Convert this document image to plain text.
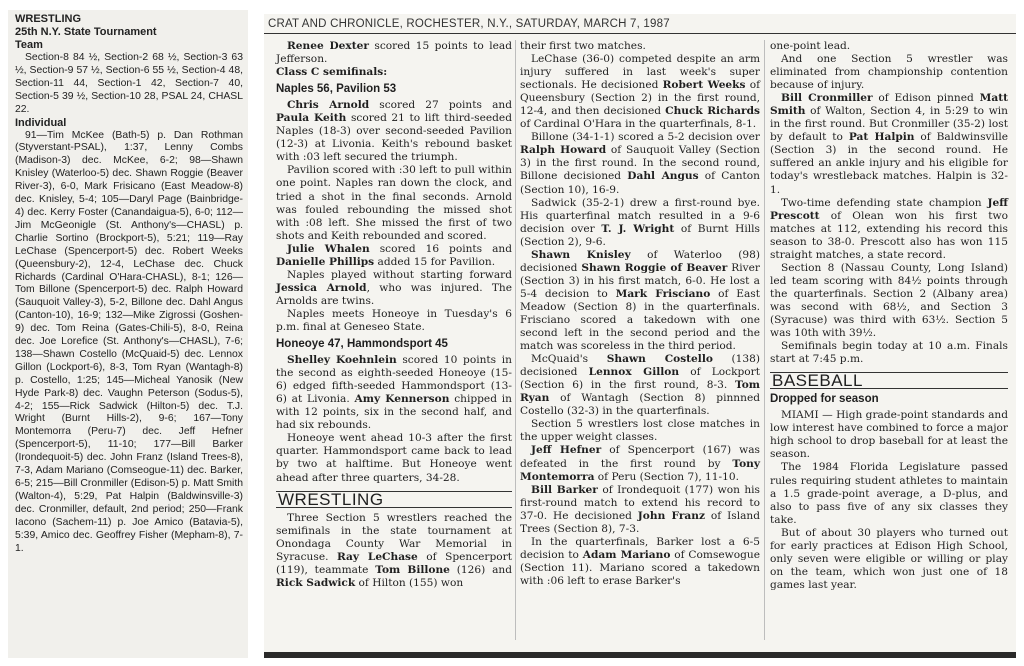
WRESTLING
25th N.Y. State Tournament
Team

Section-8 84 ½, Section-2 68 ½, Section-3 63 ½, Section-9 57 ½, Section-6 55 ½, Section-4 48, Section-11 44, Section-1 42, Section-7 40, Section-5 39 ½, Section-10 28, PSAL 24, CHASL 22.

Individual

91—Tim McKee (Bath-5) p. Dan Rothman (Styverstant-PSAL), 1:37, Lenny Combs (Madison-3) dec. McKee, 6-2; 98—Shawn Knisley (Waterloo-5) dec. Shawn Roggie (Beaver River-3), 6-0, Mark Frisicano (East Meadow-8) dec. Knisley, 5-4; 105—Daryl Page (Bainbridge-4) dec. Kerry Foster (Canandaigua-5), 6-0; 112—Jim McGeonigle (St. Anthony's—CHASL) p. Charlie Sortino (Brockport-5), 5:21; 119—Ray LeChase (Spencerport-5) dec. Robert Weeks (Queensbury-2), 12-4, LeChase dec. Chuck Richards (Cardinal O'Hara-CHASL), 8-1; 126—Tom Billone (Spencerport-5) dec. Ralph Howard (Sauquoit Valley-3), 5-2, Billone dec. Dahl Angus (Canton-10), 16-9; 132—Mike Zigrossi (Goshen-9) dec. Tom Reina (Gates-Chili-5), 8-0, Reina dec. Joe Lorefice (St. Anthony's—CHASL), 7-6; 138—Shawn Costello (McQuaid-5) dec. Lennox Gillon (Lockport-6), 8-3, Tom Ryan (Wantagh-8) p. Costello, 1:25; 145—Micheal Yanosik (New Hyde Park-8) dec. Vaughn Peterson (Sodus-5), 4-2; 155—Rick Sadwick (Hilton-5) dec. T.J. Wright (Burnt Hills-2), 9-6; 167—Tony Montemorra (Peru-7) dec. Jeff Hefner (Spencerport-5), 11-10; 177—Bill Barker (Irondequoit-5) dec. John Franz (Island Trees-8), 7-3, Adam Mariano (Comseogue-11) dec. Barker, 6-5; 215—Bill Cronmiller (Edison-5) p. Matt Smith (Walton-4), 5:29, Pat Halpin (Baldwinsville-3) dec. Cronmiller, default, 2nd period; 250—Frank Iacono (Sachem-11) p. Joe Amico (Batavia-5), 5:39, Amico dec. Geoffrey Fisher (Mepham-8), 7-1.

CRAT AND CHRONICLE, ROCHESTER, N.Y., SATURDAY, MARCH 7, 1987

Renee Dexter scored 15 points to lead Jefferson.

Class C semifinals:

Naples 56, Pavilion 53

Chris Arnold scored 27 points and Paula Keith scored 21 to lift third-seeded Naples (18-3) over second-seeded Pavilion (12-3) at Livonia. Keith's rebound basket with :03 left secured the triumph.

Pavilion scored with :30 left to pull within one point. Naples ran down the clock, and tried a shot in the final seconds. Arnold was fouled rebounding the missed shot with :08 left. She missed the first of two shots and Keith rebounded and scored.

Julie Whalen scored 16 points and Danielle Phillips added 15 for Pavilion.

Naples played without starting forward Jessica Arnold, who was injured. The Arnolds are twins.

Naples meets Honeoye in Tuesday's 6 p.m. final at Geneseo State.

Honeoye 47, Hammondsport 45

Shelley Koehnlein scored 10 points in the second as eighth-seeded Honeoye (15-6) edged fifth-seeded Hammondsport (13-6) at Livonia. Amy Kennerson chipped in with 12 points, six in the second half, and had six rebounds.

Honeoye went ahead 10-3 after the first quarter. Hammondsport came back to lead by two at halftime. But Honeoye went ahead after three quarters, 34-28.

WRESTLING

Three Section 5 wrestlers reached the semifinals in the state tournament at Onondaga County War Memorial in Syracuse. Ray LeChase of Spencerport (119), teammate Tom Billone (126) and Rick Sadwick of Hilton (155) won

their first two matches.

LeChase (36-0) competed despite an arm injury suffered in last week's super sectionals. He decisioned Robert Weeks of Queensbury (Section 2) in the first round, 12-4, and then decisioned Chuck Richards of Cardinal O'Hara in the quarterfinals, 8-1.

Billone (34-1-1) scored a 5-2 decision over Ralph Howard of Sauquoit Valley (Section 3) in the first round. In the second round, Billone decisioned Dahl Angus of Canton (Section 10), 16-9.

Sadwick (35-2-1) drew a first-round bye. His quarterfinal match resulted in a 9-6 decision over T. J. Wright of Burnt Hills (Section 2), 9-6.

Shawn Knisley of Waterloo (98) decisioned Shawn Roggie of Beaver River (Section 3) in his first match, 6-0. He lost a 5-4 decision to Mark Frisciano of East Meadow (Section 8) in the quarterfinals. Frisciano scored a takedown with one second left in the second period and the match was scoreless in the third period.

McQuaid's Shawn Costello (138) decisioned Lennox Gillon of Lockport (Section 6) in the first round, 8-3. Tom Ryan of Wantagh (Section 8) pinnned Costello (32-3) in the quarterfinals.

Section 5 wrestlers lost close matches in the upper weight classes.

Jeff Hefner of Spencerport (167) was defeated in the first round by Tony Montemorra of Peru (Section 7), 11-10.

Bill Barker of Irondequoit (177) won his first-round match to extend his record to 37-0. He decisioned John Franz of Island Trees (Section 8), 7-3.

In the quarterfinals, Barker lost a 6-5 decision to Adam Mariano of Comsewogue (Section 11). Mariano scored a takedown with :06 left to erase Barker's

one-point lead.

And one Section 5 wrestler was eliminated from championship contention because of injury.

Bill Cronmiller of Edison pinned Matt Smith of Walton, Section 4, in 5:29 to win in the first round. But Cronmiller (35-2) lost by default to Pat Halpin of Baldwinsville (Section 3) in the second round. He suffered an ankle injury and his eligible for today's wrestleback matches. Halpin is 32-1.

Two-time defending state champion Jeff Prescott of Olean won his first two matches at 112, extending his record this season to 38-0. Prescott also has won 115 straight matches, a state record.

Section 8 (Nassau County, Long Island) led team scoring with 84½ points through the quarterfinals. Section 2 (Albany area) was second with 68½, and Section 3 (Syracuse) was third with 63½. Section 5 was 10th with 39½.

Semifinals begin today at 10 a.m. Finals start at 7:45 p.m.

BASEBALL
Dropped for season

MIAMI — High grade-point standards and low interest have combined to force a major high school to drop baseball for at least the season.

The 1984 Florida Legislature passed rules requiring student athletes to maintain a 1.5 grade-point average, a D-plus, and also to pass five of any six classes they take.

But of about 30 players who turned out for early practices at Edison High School, only seven were eligible or willing or play on the team, which won just one of 18 games last year.
